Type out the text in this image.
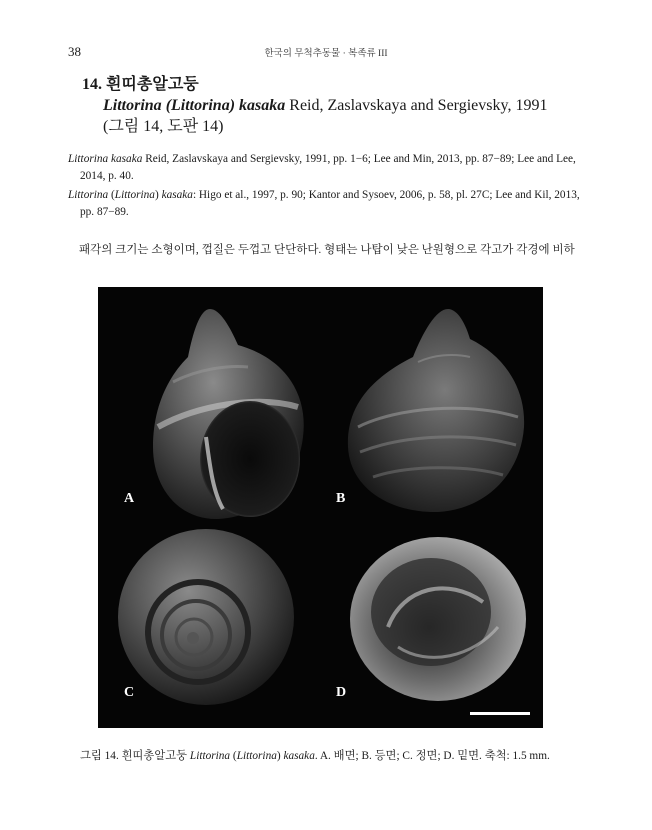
38	한국의 무척추동물 · 복족류 III
14. 흰띠총알고둥
Littorina (Littorina) kasaka Reid, Zaslavskaya and Sergievsky, 1991
(그림 14, 도판 14)
Littorina kasaka Reid, Zaslavskaya and Sergievsky, 1991, pp. 1−6; Lee and Min, 2013, pp. 87−89; Lee and Lee, 2014, p. 40.
Littorina (Littorina) kasaka: Higo et al., 1997, p. 90; Kantor and Sysoev, 2006, p. 58, pl. 27C; Lee and Kil, 2013, pp. 87−89.
패각의 크기는 소형이며, 껍질은 두껍고 단단하다. 형태는 나탑이 낮은 난원형으로 각고가 각경에 비하
A	B
C	D
그림 14. 흰띠총알고둥 Littorina (Littorina) kasaka. A. 배면; B. 등면; C. 정면; D. 밑면. 축척: 1.5 mm.
